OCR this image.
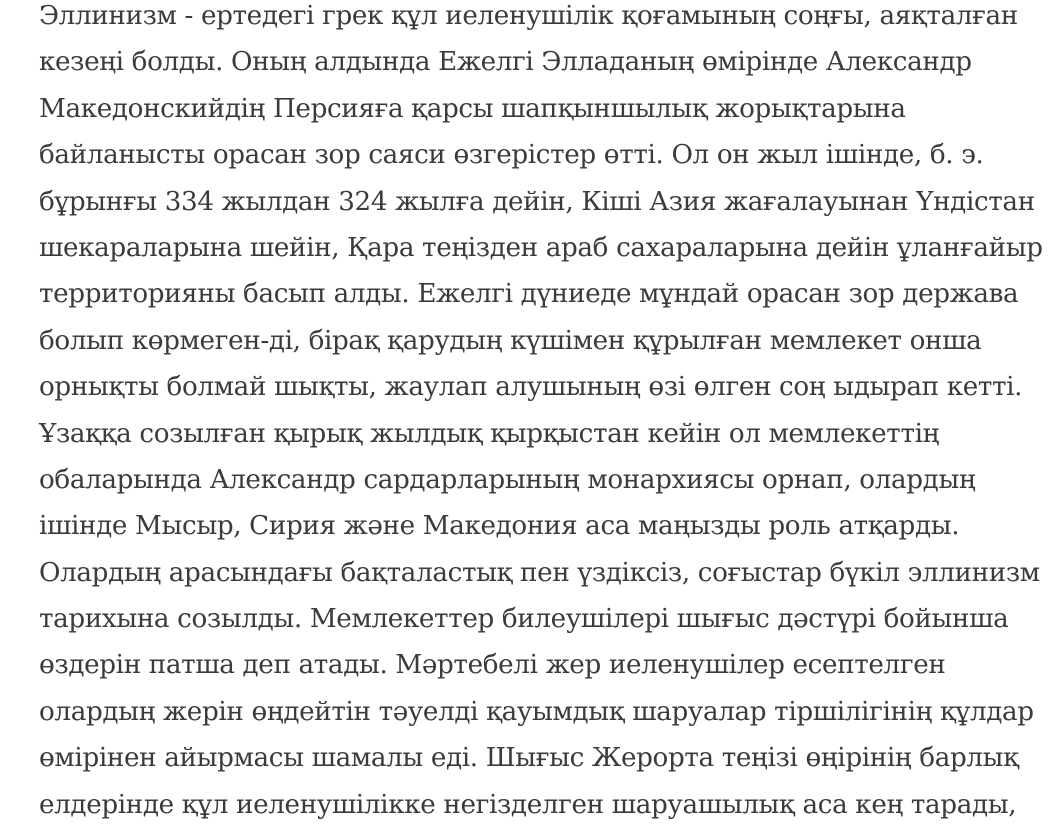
Эллинизм - ертедегі грек құл иеленушілік қоғамының соңғы, аяқталған
кезеңі болды. Оның алдында Ежелгі Элладаның өмірінде Александр
Македонскийдің Персияға қарсы шапқыншылық жорықтарына
байланысты орасан зор саяси өзгерістер өтті. Ол он жыл ішінде, б. э.
бұрынғы 334 жылдан 324 жылға дейін, Кіші Азия жағалауынан Үндістан
шекараларына шейін, Қара теңізден араб сахараларына дейін ұланғайыр
территорияны басып алды. Ежелгі дүниеде мұндай орасан зор держава
болып көрмеген-ді, бірақ қарудың күшімен құрылған мемлекет онша
орнықты болмай шықты, жаулап алушының өзі өлген соң ыдырап кетті.
Ұзаққа созылған қырық жылдық қырқыстан кейін ол мемлекеттің
обаларында Александр сардарларының монархиясы орнап, олардың
ішінде Мысыр, Сирия және Македония аса маңызды роль атқарды.
Олардың арасындағы бақталастық пен үздіксіз, соғыстар бүкіл эллинизм
тарихына созылды. Мемлекеттер билеушілері шығыс дәстүрі бойынша
өздерін патша деп атады. Мәртебелі жер иеленушілер есептелген
олардың жерін өңдейтін тәуелді қауымдық шаруалар тіршілігінің құлдар
өмірінен айырмасы шамалы еді. Шығыс Жерорта теңізі өңірінің барлық
елдерінде құл иеленушілікке негізделген шаруашылық аса кең тарады,
